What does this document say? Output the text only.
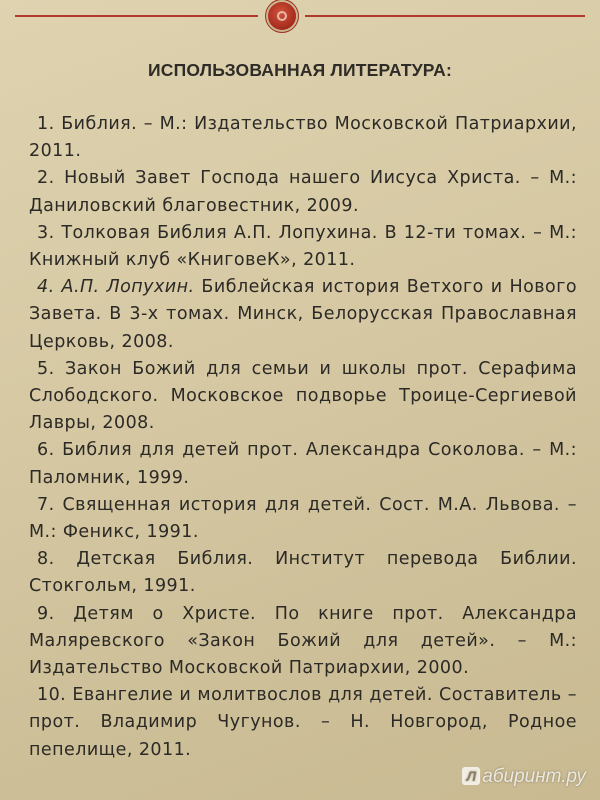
ИСПОЛЬЗОВАННАЯ ЛИТЕРАТУРА:
1. Библия. – М.: Издательство Московской Патриархии, 2011.
2. Новый Завет Господа нашего Иисуса Христа. – М.: Даниловский благовестник, 2009.
3. Толковая Библия А.П. Лопухина. В 12-ти томах. – М.: Книжный клуб «КниговеК», 2011.
4. А.П. Лопухин. Библейская история Ветхого и Нового Завета. В 3-х томах. Минск, Белорусская Православная Церковь, 2008.
5. Закон Божий для семьи и школы прот. Серафима Слободского. Московское подворье Троице-Сергиевой Лавры, 2008.
6. Библия для детей прот. Александра Соколова. – М.: Паломник, 1999.
7. Священная история для детей. Сост. М.А. Львова. – М.: Феникс, 1991.
8. Детская Библия. Институт перевода Библии. Стокгольм, 1991.
9. Детям о Христе. По книге прот. Александра Маляревского «Закон Божий для детей». – М.: Издательство Московской Патриархии, 2000.
10. Евангелие и молитвослов для детей. Составитель – прот. Владимир Чугунов. – Н. Новгород, Родное пепелище, 2011.
Л абиринт.ру
